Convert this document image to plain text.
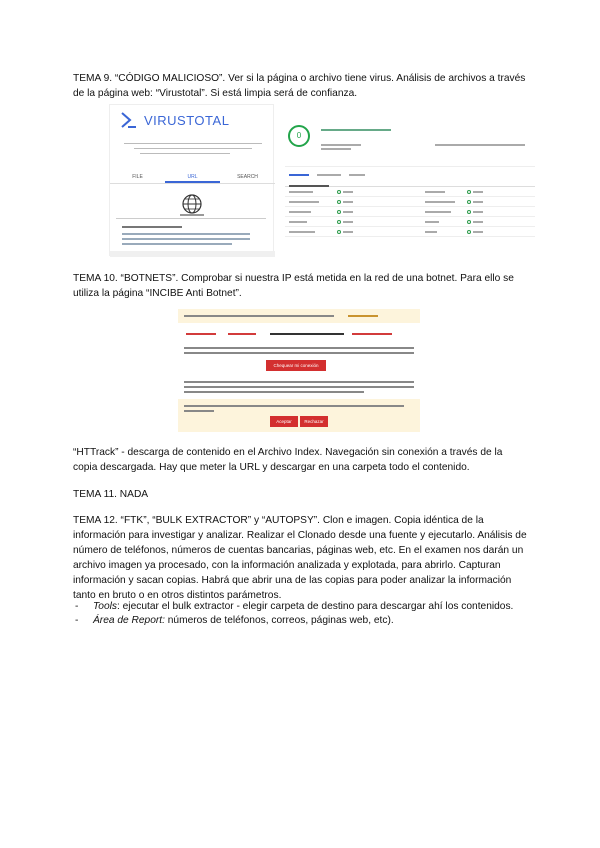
TEMA 9. “CÓDIGO MALICIOSO”. Ver si la página o archivo tiene virus. Análisis de archivos a través
de la página web: “Virustotal”. Si está limpia será de confianza.
VIRUSTOTAL
FILE	URL	SEARCH
0
TEMA 10. “BOTNETS”. Comprobar si nuestra IP está metida en la red de una botnet. Para ello se
utiliza la página “INCIBE Anti Botnet”.
Chequear mi conexión
Aceptar	Rechazar
“HTTrack” - descarga de contenido en el Archivo Index. Navegación sin conexión a través de la
copia descargada. Hay que meter la URL y descargar en una carpeta todo el contenido.
TEMA 11. NADA
TEMA 12. “FTK”, “BULK EXTRACTOR” y “AUTOPSY”. Clon e imagen. Copia idéntica de la
información para investigar y analizar. Realizar el Clonado desde una fuente y ejecutarlo. Análisis de
número de teléfonos, números de cuentas bancarias, páginas web, etc. En el examen nos darán un
archivo imagen ya procesado, con la información analizada y explotada, para abrirlo. Capturan
información y sacan copias. Habrá que abrir una de las copias para poder analizar la información
tanto en bruto o en otros distintos parámetros.
- Tools: ejecutar el bulk extractor - elegir carpeta de destino para descargar ahí los contenidos.
- Área de Report: números de teléfonos, correos, páginas web, etc).
